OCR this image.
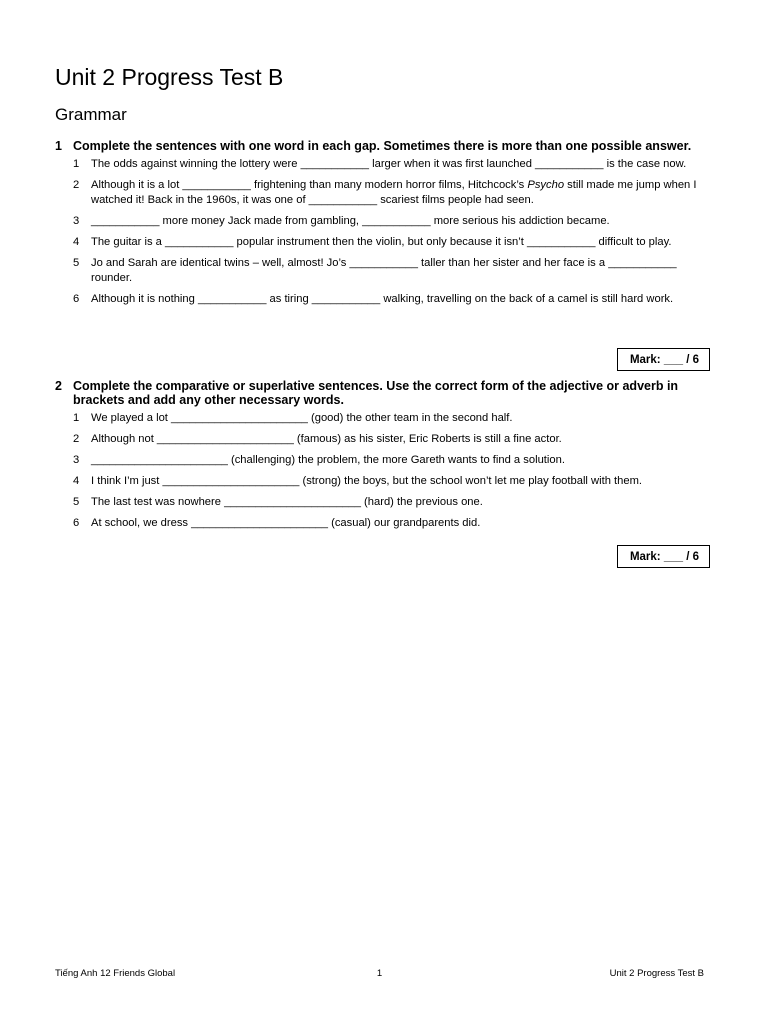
Unit 2 Progress Test B
Grammar
1 Complete the sentences with one word in each gap. Sometimes there is more than one possible answer.
1	The odds against winning the lottery were ___________ larger when it was first launched ___________ is the case now.
2	Although it is a lot ___________ frightening than many modern horror films, Hitchcock’s Psycho still made me jump when I watched it! Back in the 1960s, it was one of ___________ scariest films people had seen.
3	___________ more money Jack made from gambling, ___________ more serious his addiction became.
4	The guitar is a ___________ popular instrument then the violin, but only because it isn’t ___________ difficult to play.
5	Jo and Sarah are identical twins – well, almost! Jo’s ___________ taller than her sister and her face is a ___________ rounder.
6	Although it is nothing ___________ as tiring ___________ walking, travelling on the back of a camel is still hard work.
Mark: ___ / 6
2 Complete the comparative or superlative sentences. Use the correct form of the adjective or adverb in brackets and add any other necessary words.
1	We played a lot ______________________ (good) the other team in the second half.
2	Although not ______________________ (famous) as his sister, Eric Roberts is still a fine actor.
3	______________________ (challenging) the problem, the more Gareth wants to find a solution.
4	I think I’m just ______________________ (strong) the boys, but the school won’t let me play football with them.
5	The last test was nowhere ______________________ (hard) the previous one.
6	At school, we dress ______________________ (casual) our grandparents did.
Mark: ___ / 6
Tiếng Anh 12 Friends Global	1	Unit 2 Progress Test B
